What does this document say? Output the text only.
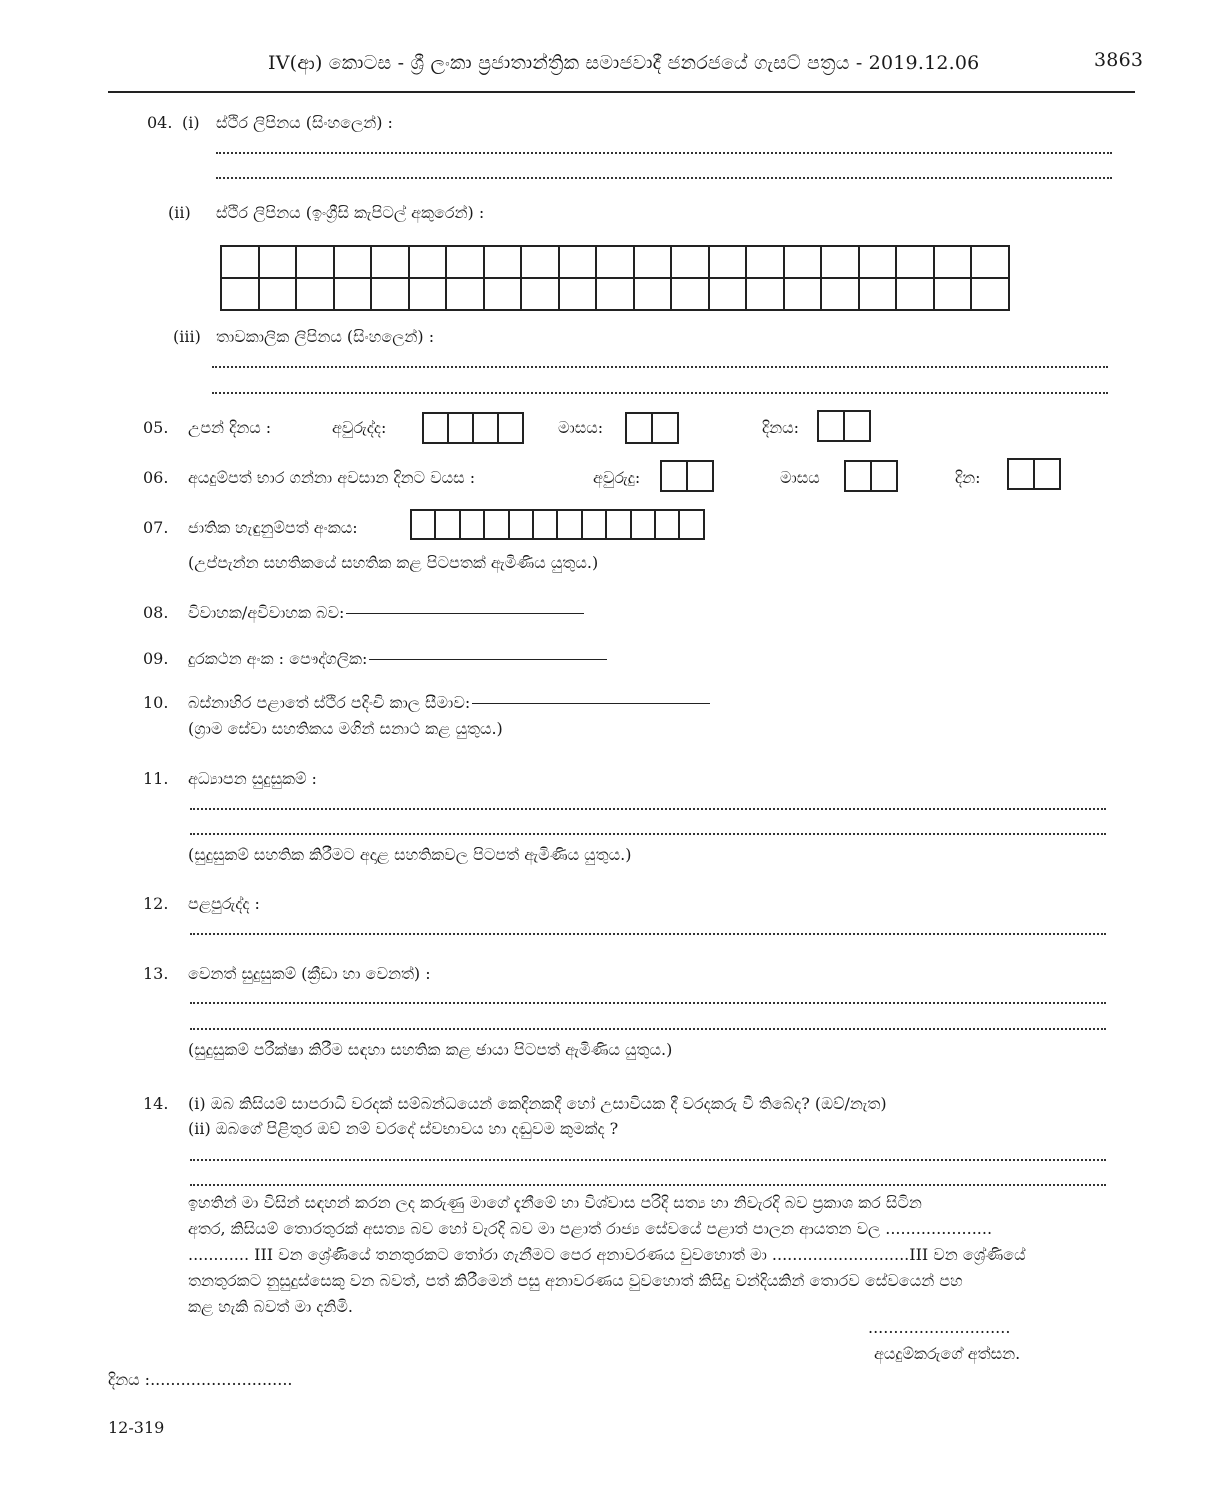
IV(ආ) කොටස - ශ්‍රී ලංකා ප්‍රජාතාන්ත්‍රික සමාජවාදී ජනරජයේ ගැසට් පත්‍රය - 2019.12.06	3863
04. (i) ස්ථිර ලිපිනය (සිංහලෙන්) :
(ii) ස්ථිර ලිපිනය (ඉංග්‍රීසි කැපිටල් අකුරෙන්) :
(iii) තාවකාලික ලිපිනය (සිංහලෙන්) :
05. උපන් දිනය :	අවුරුද්ද:	මාසය:	දිනය:
06. අයදුම්පත් භාර ගන්නා අවසාන දිනට වයස :	අවුරුදු:	මාසය	දින:
07. ජාතික හැඳුනුම්පත් අංකය:
(උප්පැන්න සහතිකයේ සහතික කළ පිටපතක් ඇමිණිය යුතුය.)
08. විවාහක/අවිවාහක බව:
09. දුරකථන අංක : පෞද්ගලික:
10. බස්නාහිර පළාතේ ස්ථිර පදිංචි කාල සීමාව:
(ග්‍රාම සේවා සහතිකය මගින් සනාථ කළ යුතුය.)
11. අධ්‍යාපන සුදුසුකම් :
(සුදුසුකම් සහතික කිරීමට අදාළ සහතිකවල පිටපත් ඇමිණිය යුතුය.)
12. පළපුරුද්ද :
13. වෙනත් සුදුසුකම් (ක්‍රීඩා හා වෙනත්) :
(සුදුසුකම් පරීක්ෂා කිරීම සඳහා සහතික කළ ඡායා පිටපත් ඇමිණිය යුතුය.)
14. (i) ඔබ කිසියම් සාපරාධි වරදක් සම්බන්ධයෙන් කෙදිනකදී හෝ උසාවියක දී වරදකරු වී තිබේද? (ඔව්/නැත)
(ii) ඔබගේ පිළිතුර ඔව් නම් වරදේ ස්වභාවය හා දඬුවම කුමක්ද ?

ඉහතින් මා විසින් සඳහන් කරන ලද කරුණු මාගේ දැනීමේ හා විශ්වාස පරිදි සත්‍ය හා නිවැරදි බව ප්‍රකාශ කර සිටින

අතර, කිසියම් තොරතුරක් අසත්‍ය බව හෝ වැරදි බව මා පළාත් රාජ්‍ය සේවයේ පළාත් පාලන ආයතන වල .....................

............ III වන ශ්‍රේණියේ තනතුරකට තෝරා ගැනීමට පෙර අනාවරණය වුවහොත් මා ...........................III වන ශ්‍රේණියේ

තනතුරකට නුසුදුස්සෙකු වන බවත්, පත් කිරීමෙන් පසු අනාවරණය වුවහොත් කිසිදු වන්දියකින් තොරව සේවයෙන් පහ

කළ හැකි බවත් මා දනිමි.

............................
අයදුම්කරුගේ අත්සන.
දිනය :............................
12-319
